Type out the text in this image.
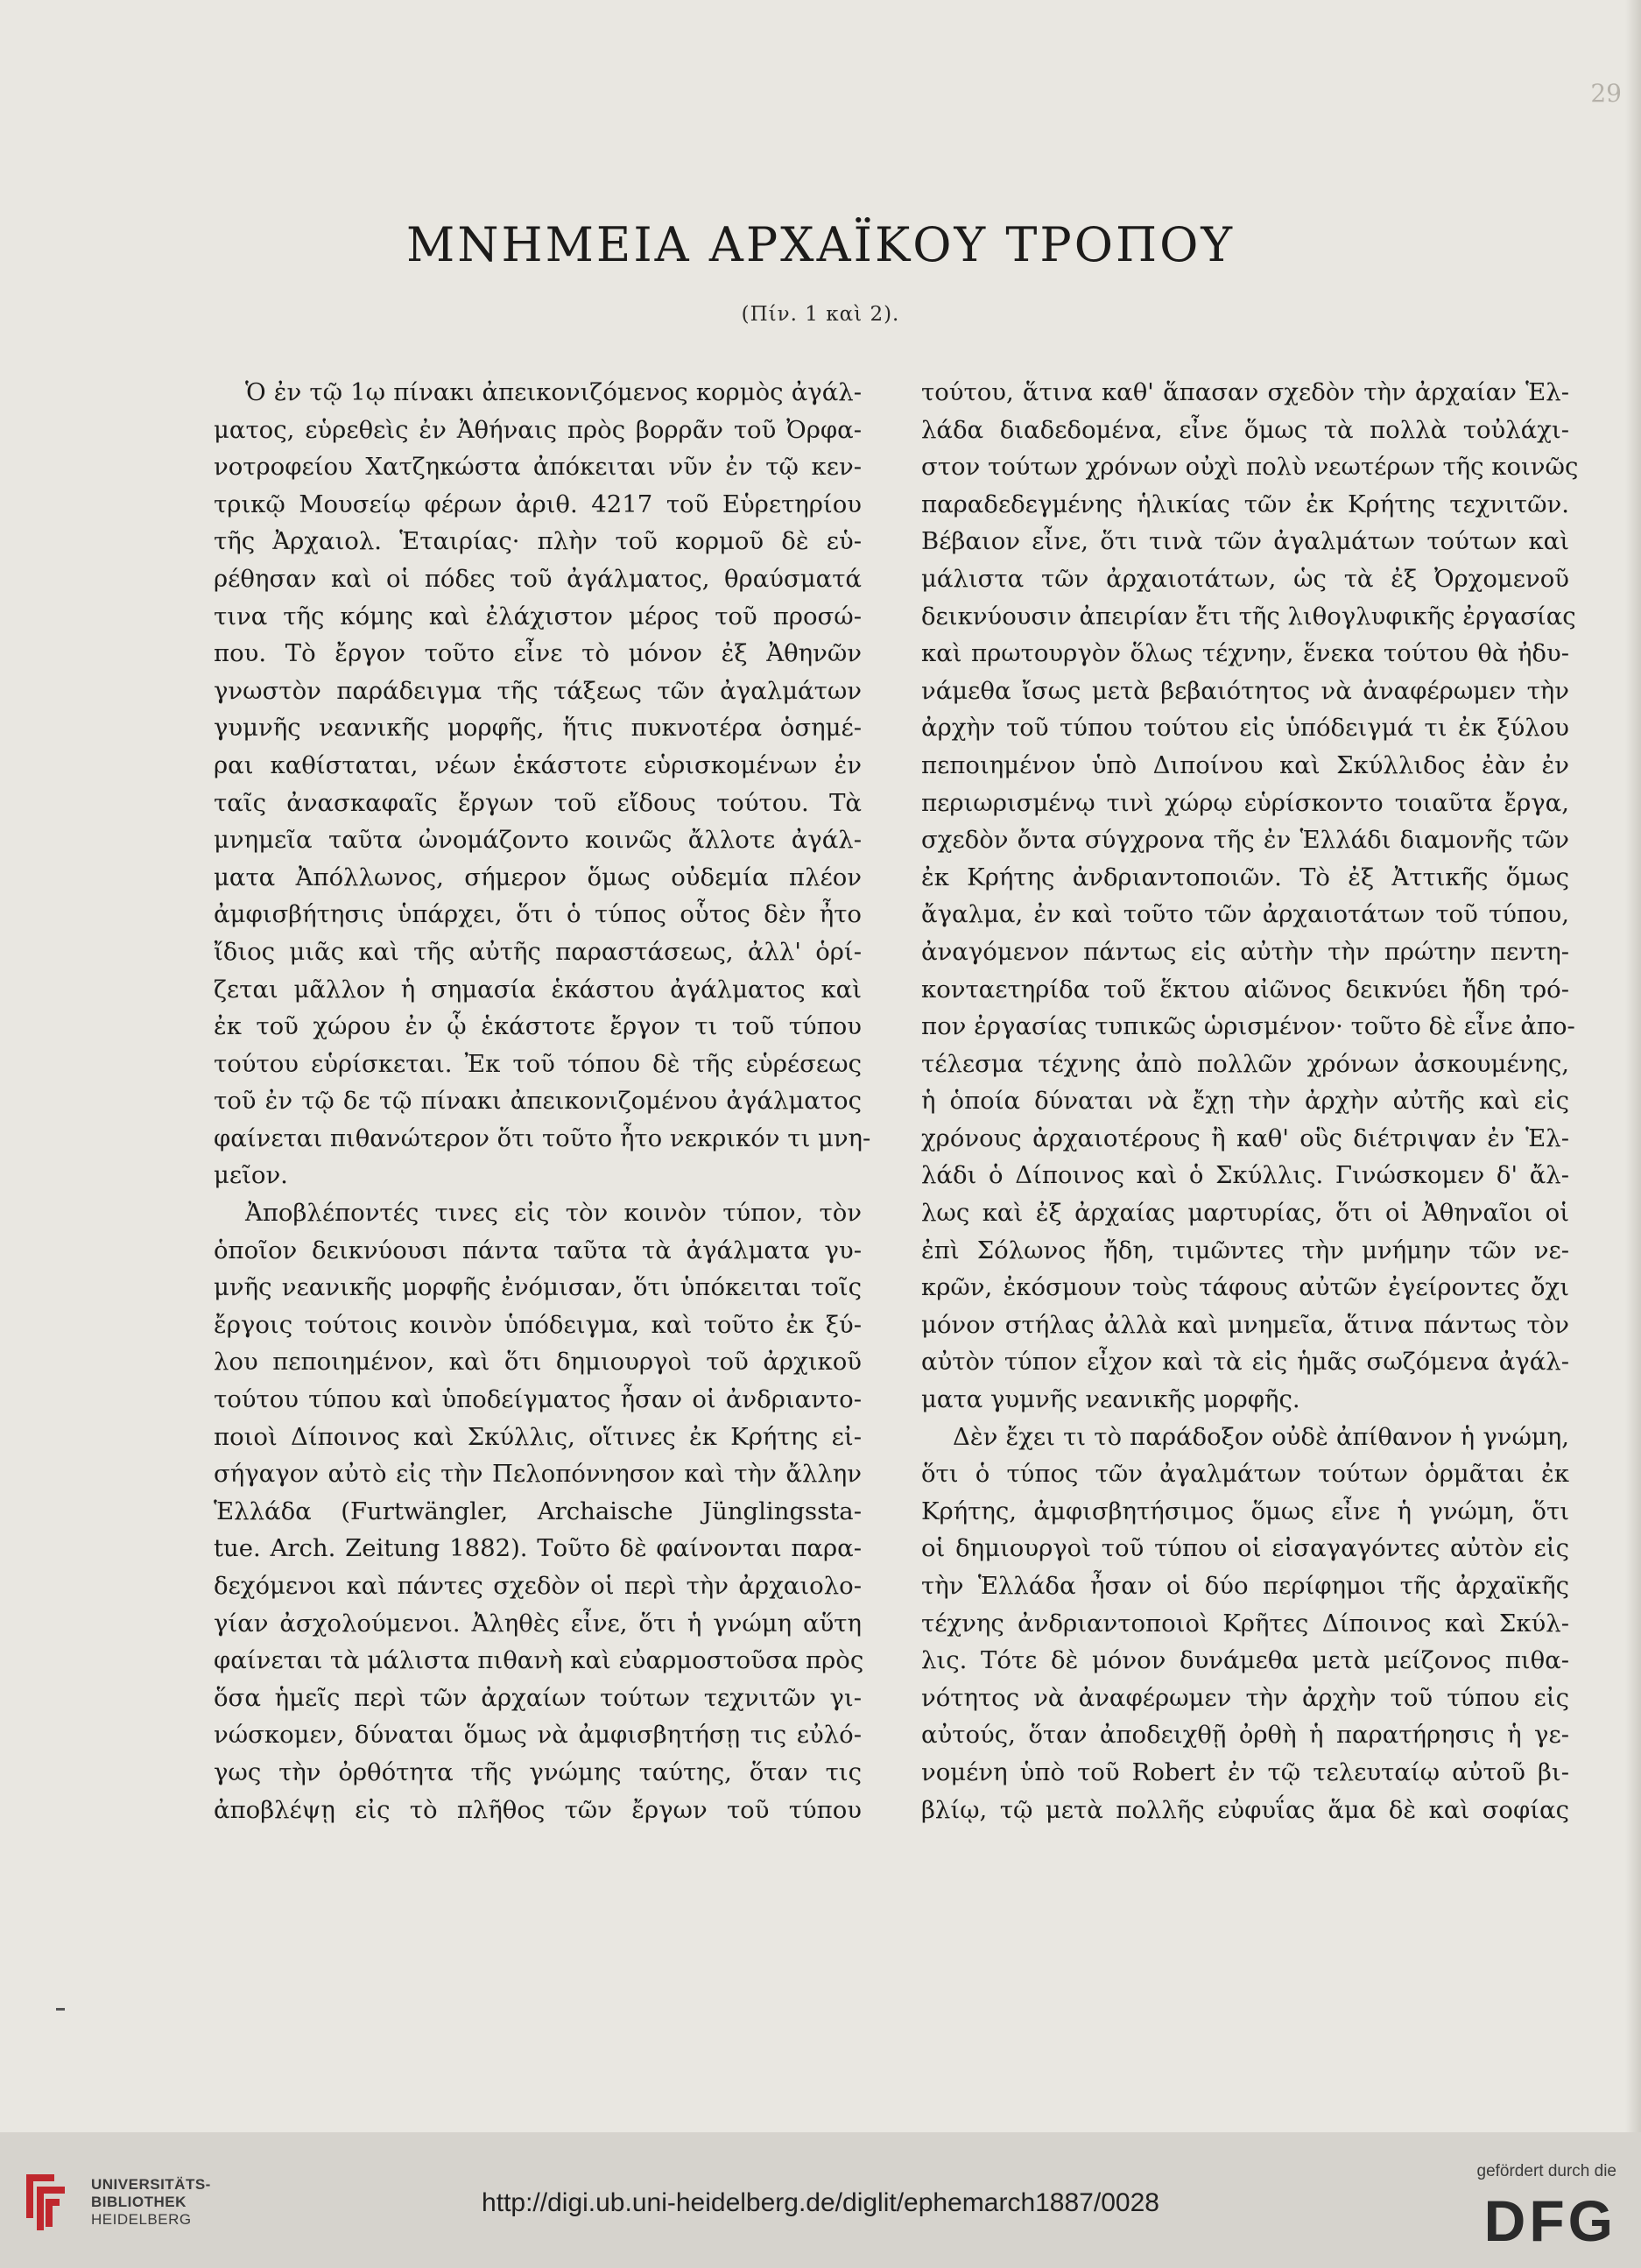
29
ΜΝΗΜΕΙΑ ΑΡΧΑΪΚΟΥ ΤΡΟΠΟΥ
(Πίν. 1 καὶ 2).
Ὁ ἐν τῷ 1ῳ πίνακι ἀπεικονιζόμενος κορμὸς ἀγάλ-
ματος, εὑρεθεὶς ἐν Ἀθήναις πρὸς βορρᾶν τοῦ Ὀρφα-
νοτροφείου Χατζηκώστα ἀπόκειται νῦν ἐν τῷ κεν-
τρικῷ Μουσείῳ φέρων ἀριθ. 4217 τοῦ Εὑρετηρίου
τῆς Ἀρχαιολ. Ἑταιρίας· πλὴν τοῦ κορμοῦ δὲ εὑ-
ρέθησαν καὶ οἱ πόδες τοῦ ἀγάλματος, θραύσματά
τινα τῆς κόμης καὶ ἐλάχιστον μέρος τοῦ προσώ-
που. Τὸ ἔργον τοῦτο εἶνε τὸ μόνον ἐξ Ἀθηνῶν
γνωστὸν παράδειγμα τῆς τάξεως τῶν ἀγαλμάτων
γυμνῆς νεανικῆς μορφῆς, ἥτις πυκνοτέρα ὁσημέ-
ραι καθίσταται, νέων ἑκάστοτε εὑρισκομένων ἐν
ταῖς ἀνασκαφαῖς ἔργων τοῦ εἴδους τούτου. Τὰ
μνημεῖα ταῦτα ὠνομάζοντο κοινῶς ἄλλοτε ἀγάλ-
ματα Ἀπόλλωνος, σήμερον ὅμως οὐδεμία πλέον
ἀμφισβήτησις ὑπάρχει, ὅτι ὁ τύπος οὗτος δὲν ἦτο
ἴδιος μιᾶς καὶ τῆς αὐτῆς παραστάσεως, ἀλλ' ὁρί-
ζεται μᾶλλον ἡ σημασία ἑκάστου ἀγάλματος καὶ
ἐκ τοῦ χώρου ἐν ᾧ ἑκάστοτε ἔργον τι τοῦ τύπου
τούτου εὑρίσκεται. Ἐκ τοῦ τόπου δὲ τῆς εὑρέσεως
τοῦ ἐν τῷ δε τῷ πίνακι ἀπεικονιζομένου ἀγάλματος
φαίνεται πιθανώτερον ὅτι τοῦτο ἦτο νεκρικόν τι μνη-
μεῖον.
Ἀποβλέποντές τινες εἰς τὸν κοινὸν τύπον, τὸν
ὁποῖον δεικνύουσι πάντα ταῦτα τὰ ἀγάλματα γυ-
μνῆς νεανικῆς μορφῆς ἐνόμισαν, ὅτι ὑπόκειται τοῖς
ἔργοις τούτοις κοινὸν ὑπόδειγμα, καὶ τοῦτο ἐκ ξύ-
λου πεποιημένον, καὶ ὅτι δημιουργοὶ τοῦ ἀρχικοῦ
τούτου τύπου καὶ ὑποδείγματος ἦσαν οἱ ἀνδριαντο-
ποιοὶ Δίποινος καὶ Σκύλλις, οἵτινες ἐκ Κρήτης εἰ-
σήγαγον αὐτὸ εἰς τὴν Πελοπόννησον καὶ τὴν ἄλλην
Ἑλλάδα (Furtwängler, Archaische Jünglingssta-
tue. Arch. Zeitung 1882). Τοῦτο δὲ φαίνονται παρα-
δεχόμενοι καὶ πάντες σχεδὸν οἱ περὶ τὴν ἀρχαιολο-
γίαν ἀσχολούμενοι. Ἀληθὲς εἶνε, ὅτι ἡ γνώμη αὕτη
φαίνεται τὰ μάλιστα πιθανὴ καὶ εὐαρμοστοῦσα πρὸς
ὅσα ἡμεῖς περὶ τῶν ἀρχαίων τούτων τεχνιτῶν γι-
νώσκομεν, δύναται ὅμως νὰ ἀμφισβητήσῃ τις εὐλό-
γως τὴν ὀρθότητα τῆς γνώμης ταύτης, ὅταν τις
ἀποβλέψῃ εἰς τὸ πλῆθος τῶν ἔργων τοῦ τύπου
τούτου, ἅτινα καθ' ἅπασαν σχεδὸν τὴν ἀρχαίαν Ἑλ-
λάδα διαδεδομένα, εἶνε ὅμως τὰ πολλὰ τοὐλάχι-
στον τούτων χρόνων οὐχὶ πολὺ νεωτέρων τῆς κοινῶς
παραδεδεγμένης ἡλικίας τῶν ἐκ Κρήτης τεχνιτῶν.
Βέβαιον εἶνε, ὅτι τινὰ τῶν ἀγαλμάτων τούτων καὶ
μάλιστα τῶν ἀρχαιοτάτων, ὡς τὰ ἐξ Ὀρχομενοῦ
δεικνύουσιν ἀπειρίαν ἔτι τῆς λιθογλυφικῆς ἐργασίας
καὶ πρωτουργὸν ὅλως τέχνην, ἕνεκα τούτου θὰ ἠδυ-
νάμεθα ἴσως μετὰ βεβαιότητος νὰ ἀναφέρωμεν τὴν
ἀρχὴν τοῦ τύπου τούτου εἰς ὑπόδειγμά τι ἐκ ξύλου
πεποιημένον ὑπὸ Διποίνου καὶ Σκύλλιδος ἐὰν ἐν
περιωρισμένῳ τινὶ χώρῳ εὑρίσκοντο τοιαῦτα ἔργα,
σχεδὸν ὄντα σύγχρονα τῆς ἐν Ἑλλάδι διαμονῆς τῶν
ἐκ Κρήτης ἀνδριαντοποιῶν. Τὸ ἐξ Ἀττικῆς ὅμως
ἄγαλμα, ἐν καὶ τοῦτο τῶν ἀρχαιοτάτων τοῦ τύπου,
ἀναγόμενον πάντως εἰς αὐτὴν τὴν πρώτην πεντη-
κονταετηρίδα τοῦ ἕκτου αἰῶνος δεικνύει ἤδη τρό-
πον ἐργασίας τυπικῶς ὡρισμένον· τοῦτο δὲ εἶνε ἀπο-
τέλεσμα τέχνης ἀπὸ πολλῶν χρόνων ἀσκουμένης,
ἡ ὁποία δύναται νὰ ἔχῃ τὴν ἀρχὴν αὐτῆς καὶ εἰς
χρόνους ἀρχαιοτέρους ἢ καθ' οὓς διέτριψαν ἐν Ἑλ-
λάδι ὁ Δίποινος καὶ ὁ Σκύλλις. Γινώσκομεν δ' ἄλ-
λως καὶ ἐξ ἀρχαίας μαρτυρίας, ὅτι οἱ Ἀθηναῖοι οἱ
ἐπὶ Σόλωνος ἤδη, τιμῶντες τὴν μνήμην τῶν νε-
κρῶν, ἐκόσμουν τοὺς τάφους αὐτῶν ἐγείροντες ὄχι
μόνον στήλας ἀλλὰ καὶ μνημεῖα, ἅτινα πάντως τὸν
αὐτὸν τύπον εἶχον καὶ τὰ εἰς ἡμᾶς σωζόμενα ἀγάλ-
ματα γυμνῆς νεανικῆς μορφῆς.
Δὲν ἔχει τι τὸ παράδοξον οὐδὲ ἀπίθανον ἡ γνώμη,
ὅτι ὁ τύπος τῶν ἀγαλμάτων τούτων ὁρμᾶται ἐκ
Κρήτης, ἀμφισβητήσιμος ὅμως εἶνε ἡ γνώμη, ὅτι
οἱ δημιουργοὶ τοῦ τύπου οἱ εἰσαγαγόντες αὐτὸν εἰς
τὴν Ἑλλάδα ἦσαν οἱ δύο περίφημοι τῆς ἀρχαϊκῆς
τέχνης ἀνδριαντοποιοὶ Κρῆτες Δίποινος καὶ Σκύλ-
λις. Τότε δὲ μόνον δυνάμεθα μετὰ μείζονος πιθα-
νότητος νὰ ἀναφέρωμεν τὴν ἀρχὴν τοῦ τύπου εἰς
αὐτούς, ὅταν ἀποδειχθῇ ὀρθὴ ἡ παρατήρησις ἡ γε-
νομένη ὑπὸ τοῦ Robert ἐν τῷ τελευταίῳ αὐτοῦ βι-
βλίῳ, τῷ μετὰ πολλῆς εὐφυΐας ἅμα δὲ καὶ σοφίας
UNIVERSITÄTS-
BIBLIOTHEK
HEIDELBERG
http://digi.ub.uni-heidelberg.de/diglit/ephemarch1887/0028
gefördert durch die
DFG
